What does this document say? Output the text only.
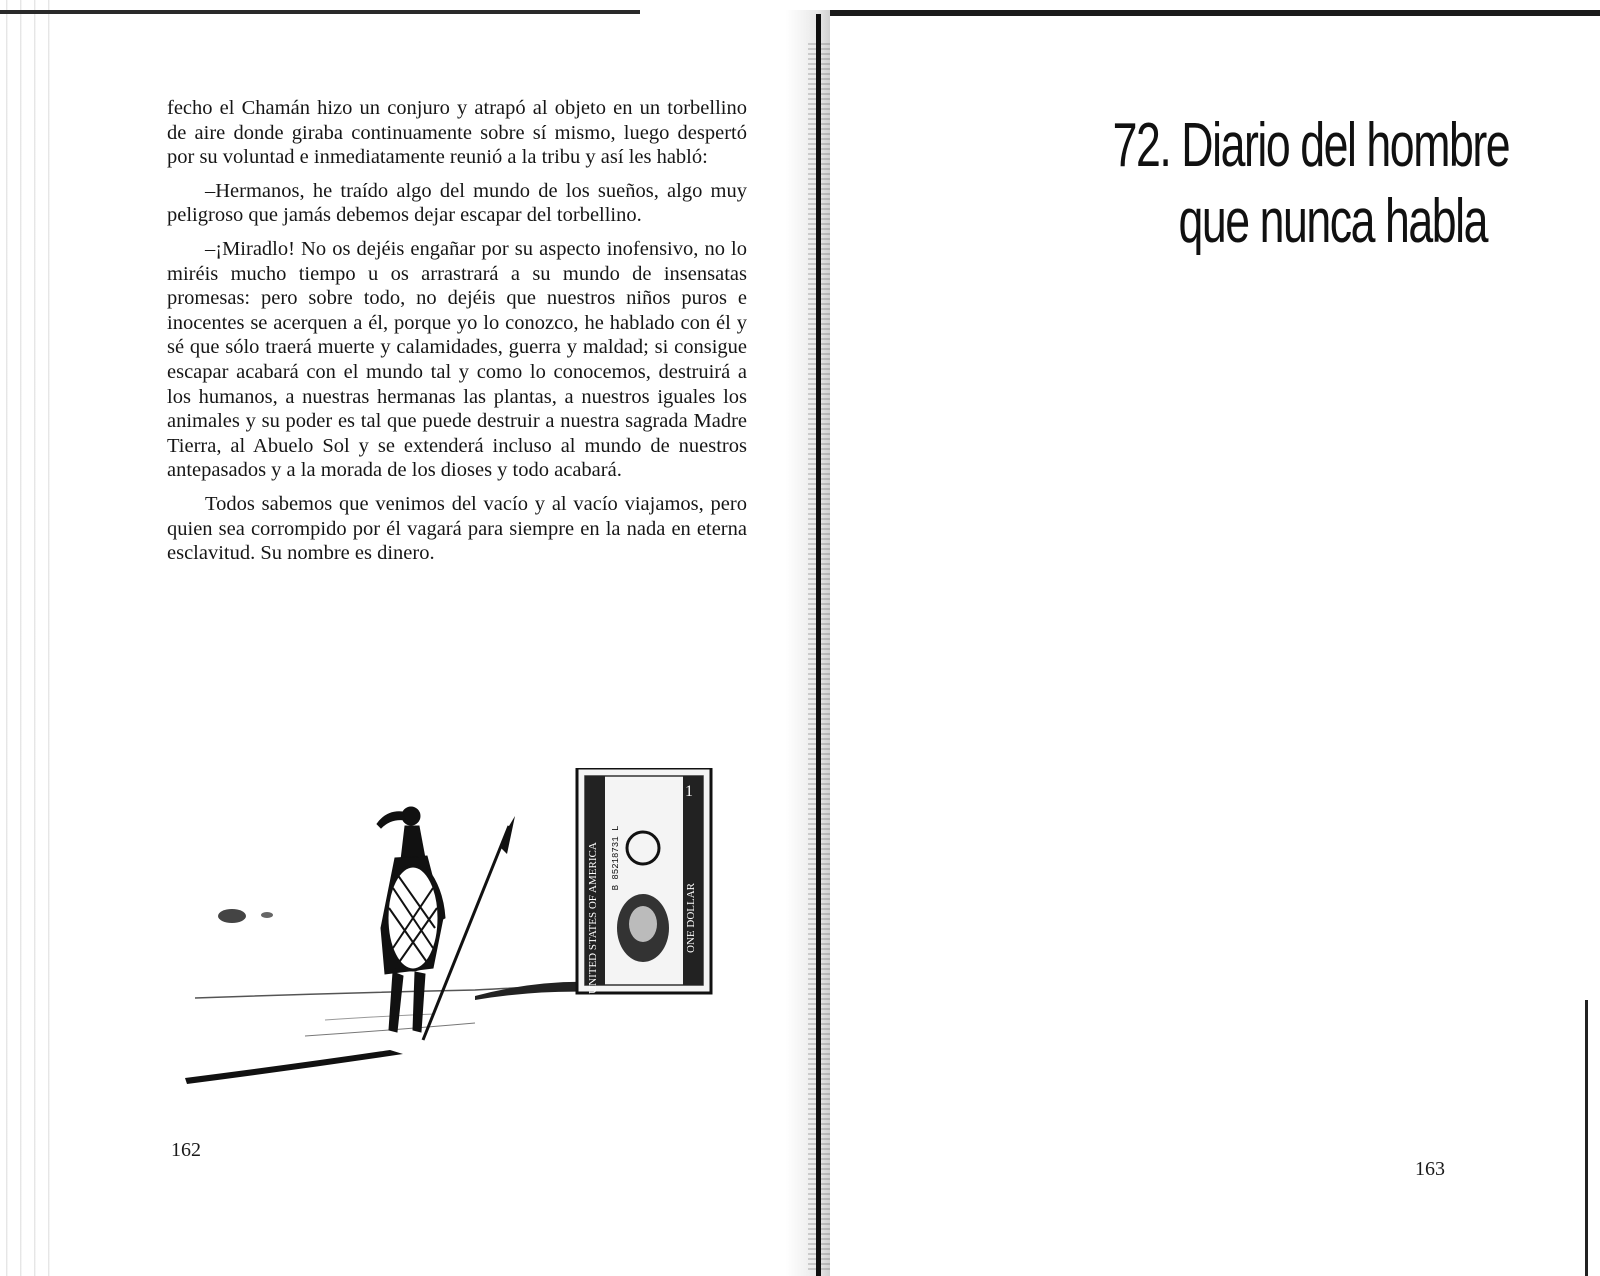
fecho el Chamán hizo un conjuro y atrapó al objeto en un torbellino de aire donde giraba continuamente sobre sí mismo, luego despertó por su voluntad e inmediatamente reunió a la tribu y así les habló:

–Hermanos, he traído algo del mundo de los sueños, algo muy peligroso que jamás debemos dejar escapar del torbellino.

–¡Miradlo! No os dejéis engañar por su aspecto inofensivo, no lo miréis mucho tiempo u os arrastrará a su mundo de insensatas promesas: pero sobre todo, no dejéis que nuestros niños puros e inocentes se acerquen a él, porque yo lo conozco, he hablado con él y sé que sólo traerá muerte y calamidades, guerra y maldad; si consigue escapar acabará con el mundo tal y como lo conocemos, destruirá a los humanos, a nuestras hermanas las plantas, a nuestros iguales los animales y su poder es tal que puede destruir a nuestra sagrada Madre Tierra, al Abuelo Sol y se extenderá incluso al mundo de nuestros antepasados y a la morada de los dioses y todo acabará.

Todos sabemos que venimos del vacío y al vacío viajamos, pero quien sea corrompido por él vagará para siempre en la nada en eterna esclavitud. Su nombre es dinero.

UNITED STATES OF AMERICA B 85218731 L
ONE DOLLAR
1
162
72. Diario del hombre
que nunca habla
163
